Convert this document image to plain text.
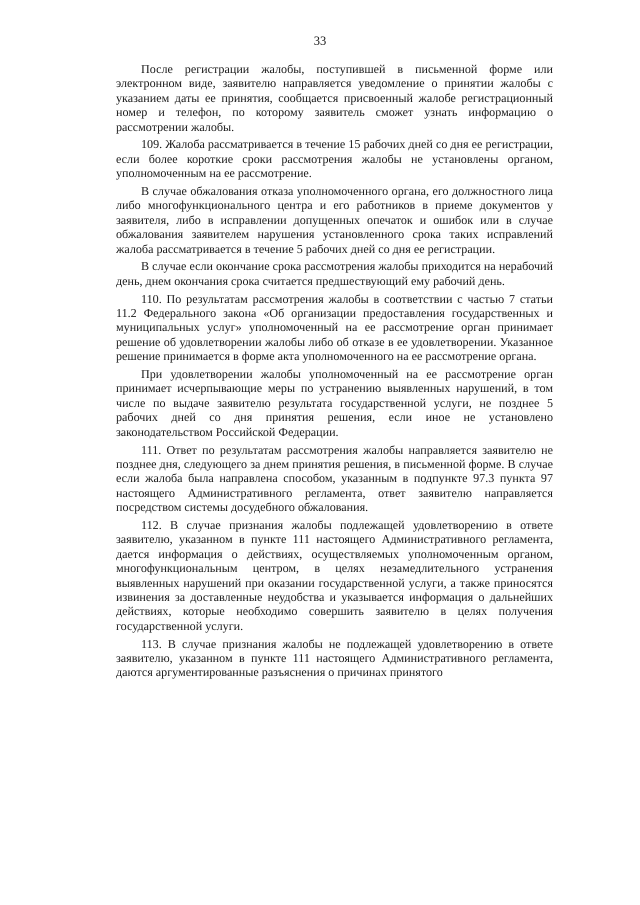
33

После регистрации жалобы, поступившей в письменной форме или электронном виде, заявителю направляется уведомление о принятии жалобы с указанием даты ее принятия, сообщается присвоенный жалобе регистрационный номер и телефон, по которому заявитель сможет узнать информацию о рассмотрении жалобы.

109. Жалоба рассматривается в течение 15 рабочих дней со дня ее регистрации, если более короткие сроки рассмотрения жалобы не установлены органом, уполномоченным на ее рассмотрение.

В случае обжалования отказа уполномоченного органа, его должностного лица либо многофункционального центра и его работников в приеме документов у заявителя, либо в исправлении допущенных опечаток и ошибок или в случае обжалования заявителем нарушения установленного срока таких исправлений жалоба рассматривается в течение 5 рабочих дней со дня ее регистрации.

В случае если окончание срока рассмотрения жалобы приходится на нерабочий день, днем окончания срока считается предшествующий ему рабочий день.

110. По результатам рассмотрения жалобы в соответствии с частью 7 статьи 11.2 Федерального закона «Об организации предоставления государственных и муниципальных услуг» уполномоченный на ее рассмотрение орган принимает решение об удовлетворении жалобы либо об отказе в ее удовлетворении. Указанное решение принимается в форме акта уполномоченного на ее рассмотрение органа.

При удовлетворении жалобы уполномоченный на ее рассмотрение орган принимает исчерпывающие меры по устранению выявленных нарушений, в том числе по выдаче заявителю результата государственной услуги, не позднее 5 рабочих дней со дня принятия решения, если иное не установлено законодательством Российской Федерации.

111. Ответ по результатам рассмотрения жалобы направляется заявителю не позднее дня, следующего за днем принятия решения, в письменной форме. В случае если жалоба была направлена способом, указанным в подпункте 97.3 пункта 97 настоящего Административного регламента, ответ заявителю направляется посредством системы досудебного обжалования.

112. В случае признания жалобы подлежащей удовлетворению в ответе заявителю, указанном в пункте 111 настоящего Административного регламента, дается информация о действиях, осуществляемых уполномоченным органом, многофункциональным центром, в целях незамедлительного устранения выявленных нарушений при оказании государственной услуги, а также приносятся извинения за доставленные неудобства и указывается информация о дальнейших действиях, которые необходимо совершить заявителю в целях получения государственной услуги.

113. В случае признания жалобы не подлежащей удовлетворению в ответе заявителю, указанном в пункте 111 настоящего Административного регламента, даются аргументированные разъяснения о причинах принятого
